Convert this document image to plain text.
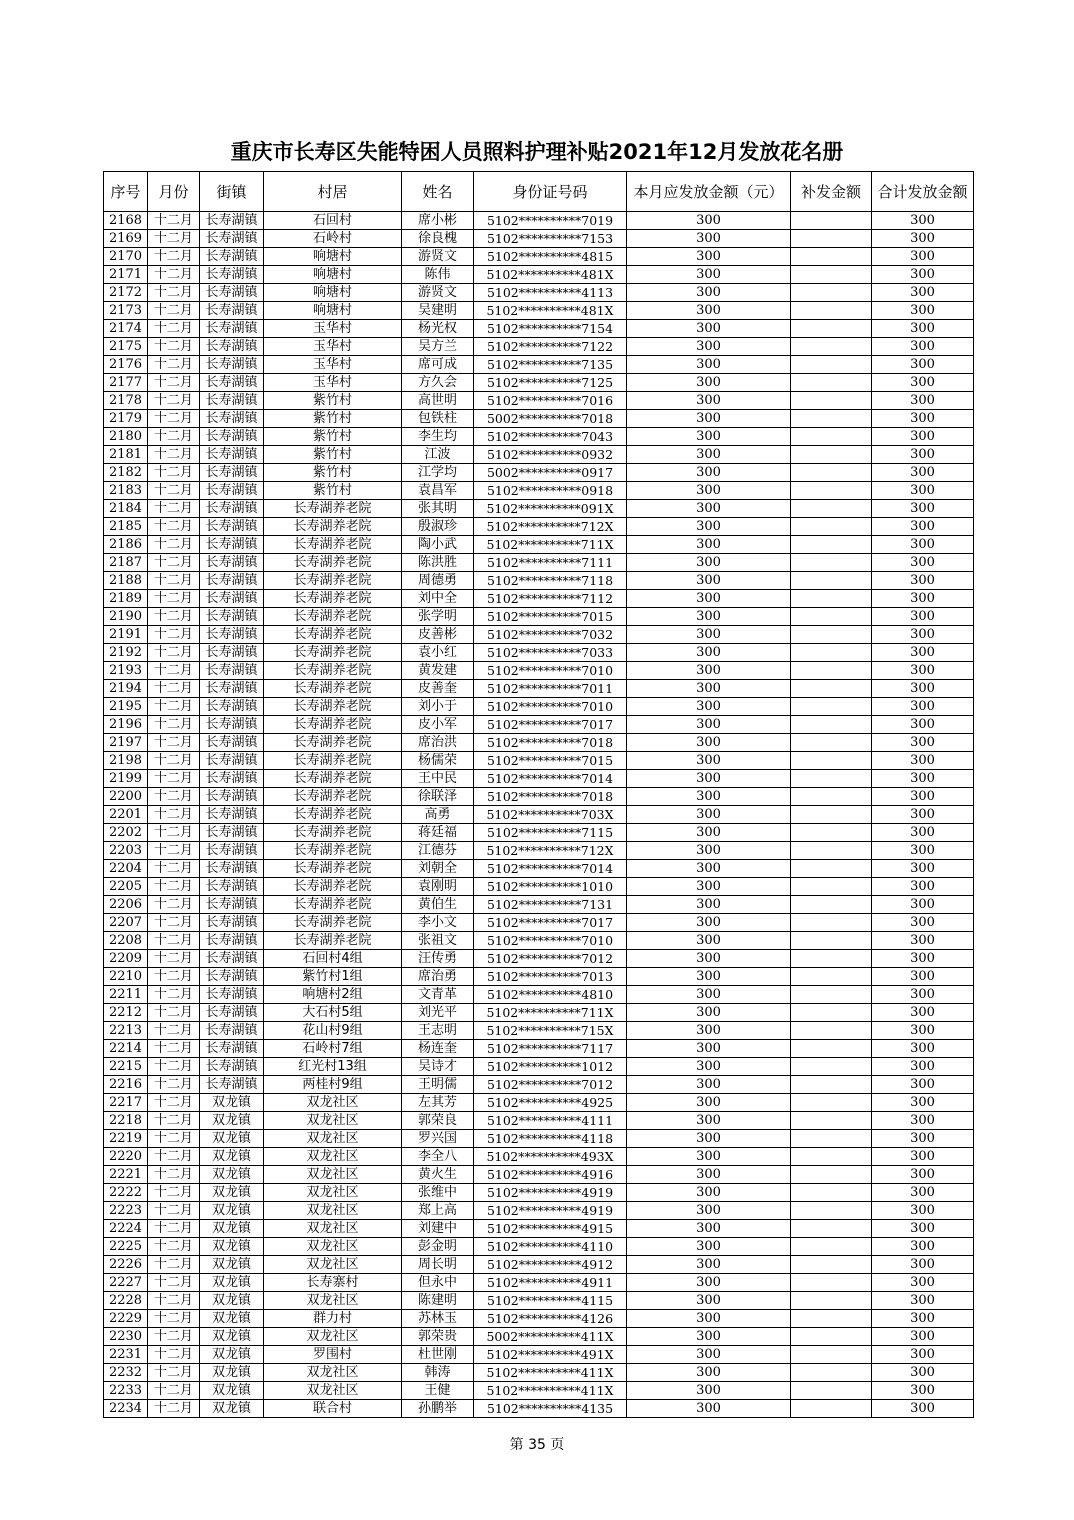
重庆市长寿区失能特困人员照料护理补贴2021年12月发放花名册
序号	月份	街镇	村居	姓名	身份证号码	本月应发放金额（元）	补发金额	合计发放金额
2168	十二月	长寿湖镇	石回村	席小彬	5102**********7019	300		300
2169	十二月	长寿湖镇	石岭村	徐良槐	5102**********7153	300		300
2170	十二月	长寿湖镇	响塘村	游贤文	5102**********4815	300		300
2171	十二月	长寿湖镇	响塘村	陈伟	5102**********481X	300		300
2172	十二月	长寿湖镇	响塘村	游贤文	5102**********4113	300		300
2173	十二月	长寿湖镇	响塘村	吴建明	5102**********481X	300		300
2174	十二月	长寿湖镇	玉华村	杨光权	5102**********7154	300		300
2175	十二月	长寿湖镇	玉华村	吴方兰	5102**********7122	300		300
2176	十二月	长寿湖镇	玉华村	席可成	5102**********7135	300		300
2177	十二月	长寿湖镇	玉华村	方久会	5102**********7125	300		300
2178	十二月	长寿湖镇	紫竹村	高世明	5102**********7016	300		300
2179	十二月	长寿湖镇	紫竹村	包铁柱	5002**********7018	300		300
2180	十二月	长寿湖镇	紫竹村	李生均	5102**********7043	300		300
2181	十二月	长寿湖镇	紫竹村	江波	5102**********0932	300		300
2182	十二月	长寿湖镇	紫竹村	江学均	5002**********0917	300		300
2183	十二月	长寿湖镇	紫竹村	袁昌军	5102**********0918	300		300
2184	十二月	长寿湖镇	长寿湖养老院	张其明	5102**********091X	300		300
2185	十二月	长寿湖镇	长寿湖养老院	殷淑珍	5102**********712X	300		300
2186	十二月	长寿湖镇	长寿湖养老院	陶小武	5102**********711X	300		300
2187	十二月	长寿湖镇	长寿湖养老院	陈洪胜	5102**********7111	300		300
2188	十二月	长寿湖镇	长寿湖养老院	周德勇	5102**********7118	300		300
2189	十二月	长寿湖镇	长寿湖养老院	刘中全	5102**********7112	300		300
2190	十二月	长寿湖镇	长寿湖养老院	张学明	5102**********7015	300		300
2191	十二月	长寿湖镇	长寿湖养老院	皮善彬	5102**********7032	300		300
2192	十二月	长寿湖镇	长寿湖养老院	袁小红	5102**********7033	300		300
2193	十二月	长寿湖镇	长寿湖养老院	黄发建	5102**********7010	300		300
2194	十二月	长寿湖镇	长寿湖养老院	皮善奎	5102**********7011	300		300
2195	十二月	长寿湖镇	长寿湖养老院	刘小于	5102**********7010	300		300
2196	十二月	长寿湖镇	长寿湖养老院	皮小军	5102**********7017	300		300
2197	十二月	长寿湖镇	长寿湖养老院	席治洪	5102**********7018	300		300
2198	十二月	长寿湖镇	长寿湖养老院	杨儒荣	5102**********7015	300		300
2199	十二月	长寿湖镇	长寿湖养老院	王中民	5102**********7014	300		300
2200	十二月	长寿湖镇	长寿湖养老院	徐联泽	5102**********7018	300		300
2201	十二月	长寿湖镇	长寿湖养老院	高勇	5102**********703X	300		300
2202	十二月	长寿湖镇	长寿湖养老院	蒋廷福	5102**********7115	300		300
2203	十二月	长寿湖镇	长寿湖养老院	江德芬	5102**********712X	300		300
2204	十二月	长寿湖镇	长寿湖养老院	刘朝全	5102**********7014	300		300
2205	十二月	长寿湖镇	长寿湖养老院	袁刚明	5102**********1010	300		300
2206	十二月	长寿湖镇	长寿湖养老院	黄伯生	5102**********7131	300		300
2207	十二月	长寿湖镇	长寿湖养老院	李小文	5102**********7017	300		300
2208	十二月	长寿湖镇	长寿湖养老院	张祖文	5102**********7010	300		300
2209	十二月	长寿湖镇	石回村4组	汪传勇	5102**********7012	300		300
2210	十二月	长寿湖镇	紫竹村1组	席治勇	5102**********7013	300		300
2211	十二月	长寿湖镇	响塘村2组	文青革	5102**********4810	300		300
2212	十二月	长寿湖镇	大石村5组	刘光平	5102**********711X	300		300
2213	十二月	长寿湖镇	花山村9组	王志明	5102**********715X	300		300
2214	十二月	长寿湖镇	石岭村7组	杨连奎	5102**********7117	300		300
2215	十二月	长寿湖镇	红光村13组	吴诗才	5102**********1012	300		300
2216	十二月	长寿湖镇	两桂村9组	王明儒	5102**********7012	300		300
2217	十二月	双龙镇	双龙社区	左其芳	5102**********4925	300		300
2218	十二月	双龙镇	双龙社区	郭荣良	5102**********4111	300		300
2219	十二月	双龙镇	双龙社区	罗兴国	5102**********4118	300		300
2220	十二月	双龙镇	双龙社区	李全八	5102**********493X	300		300
2221	十二月	双龙镇	双龙社区	黄火生	5102**********4916	300		300
2222	十二月	双龙镇	双龙社区	张维中	5102**********4919	300		300
2223	十二月	双龙镇	双龙社区	郑上高	5102**********4919	300		300
2224	十二月	双龙镇	双龙社区	刘建中	5102**********4915	300		300
2225	十二月	双龙镇	双龙社区	彭金明	5102**********4110	300		300
2226	十二月	双龙镇	双龙社区	周长明	5102**********4912	300		300
2227	十二月	双龙镇	长寿寨村	但永中	5102**********4911	300		300
2228	十二月	双龙镇	双龙社区	陈建明	5102**********4115	300		300
2229	十二月	双龙镇	群力村	苏林玉	5102**********4126	300		300
2230	十二月	双龙镇	双龙社区	郭荣贵	5002**********411X	300		300
2231	十二月	双龙镇	罗围村	杜世刚	5102**********491X	300		300
2232	十二月	双龙镇	双龙社区	韩涛	5102**********411X	300		300
2233	十二月	双龙镇	双龙社区	王健	5102**********411X	300		300
2234	十二月	双龙镇	联合村	孙鹏举	5102**********4135	300		300
第 35 页
